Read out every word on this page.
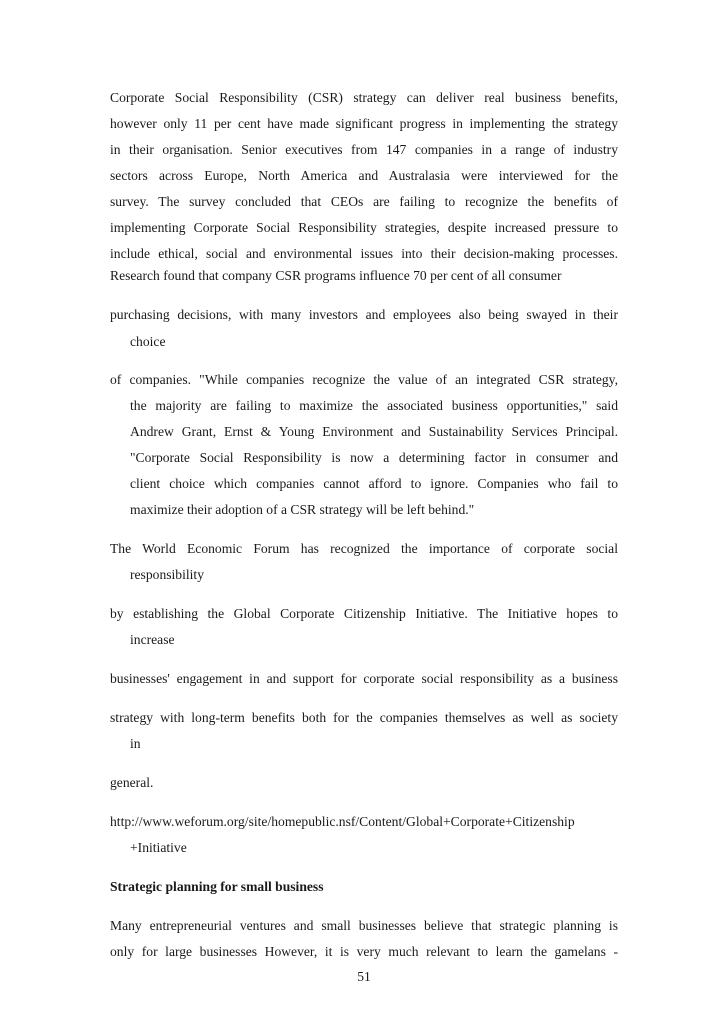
Corporate Social Responsibility (CSR) strategy can deliver real business benefits,

however only 11 per cent have made significant progress in implementing the strategy

in their organisation. Senior executives from 147 companies in a range of industry

sectors across Europe, North America and Australasia were interviewed for the

survey. The survey concluded that CEOs are failing to recognize the benefits of

implementing Corporate Social Responsibility strategies, despite increased pressure to

include ethical, social and environmental issues into their decision-making processes.

Research found that company CSR programs influence 70 per cent of all consumer

purchasing decisions, with many investors and employees also being swayed in their

choice

of companies. "While companies recognize the value of an integrated CSR strategy,

the majority are failing to maximize the associated business opportunities," said

Andrew Grant, Ernst & Young Environment and Sustainability Services Principal.

"Corporate Social Responsibility is now a determining factor in consumer and

client choice which companies cannot afford to ignore. Companies who fail to

maximize their adoption of a CSR strategy will be left behind."

The World Economic Forum has recognized the importance of corporate social

responsibility

by establishing the Global Corporate Citizenship Initiative. The Initiative hopes to

increase

businesses' engagement in and support for corporate social responsibility as a business

strategy with long-term benefits both for the companies themselves as well as society

in

general.

http://www.weforum.org/site/homepublic.nsf/Content/Global+Corporate+Citizenship

+Initiative

Strategic planning for small business

Many entrepreneurial ventures and small businesses believe that strategic planning is

only for large businesses However, it is very much relevant to learn the gamelans -

51
